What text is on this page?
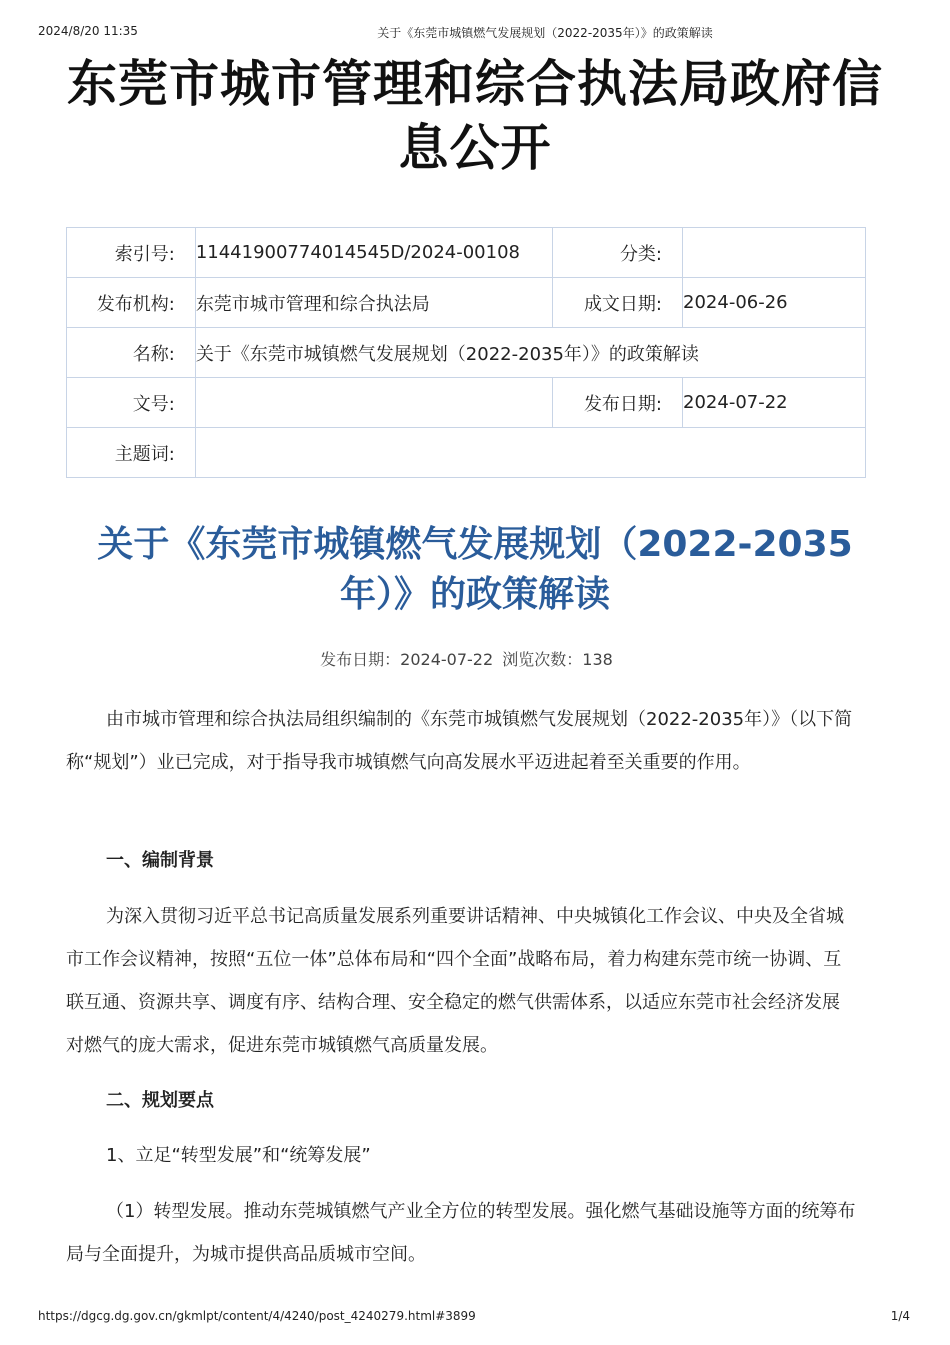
2024/8/20 11:35	关于《东莞市城镇燃气发展规划（2022-2035年）》的政策解读
东莞市城市管理和综合执法局政府信
息公开
索引号:	11441900774014545D/2024-00108	分类:	
发布机构:	东莞市城市管理和综合执法局	成文日期:	2024-06-26
名称:	关于《东莞市城镇燃气发展规划（2022-2035年）》的政策解读		
文号:		发布日期:	2024-07-22
主题词:			
关于《东莞市城镇燃气发展规划（2022-2035
年）》的政策解读
发布日期：2024-07-22 浏览次数：138

由市城市管理和综合执法局组织编制的《东莞市城镇燃气发展规划（2022-2035年）》（以下简称“规划”）业已完成，对于指导我市城镇燃气向高发展水平迈进起着至关重要的作用。

一、编制背景

为深入贯彻习近平总书记高质量发展系列重要讲话精神、中央城镇化工作会议、中央及全省城市工作会议精神，按照“五位一体”总体布局和“四个全面”战略布局，着力构建东莞市统一协调、互联互通、资源共享、调度有序、结构合理、安全稳定的燃气供需体系，以适应东莞市社会经济发展对燃气的庞大需求，促进东莞市城镇燃气高质量发展。

二、规划要点

1、立足“转型发展”和“统筹发展”

（1）转型发展。推动东莞城镇燃气产业全方位的转型发展。强化燃气基础设施等方面的统筹布局与全面提升，为城市提供高品质城市空间。

https://dgcg.dg.gov.cn/gkmlpt/content/4/4240/post_4240279.html#3899	1/4
